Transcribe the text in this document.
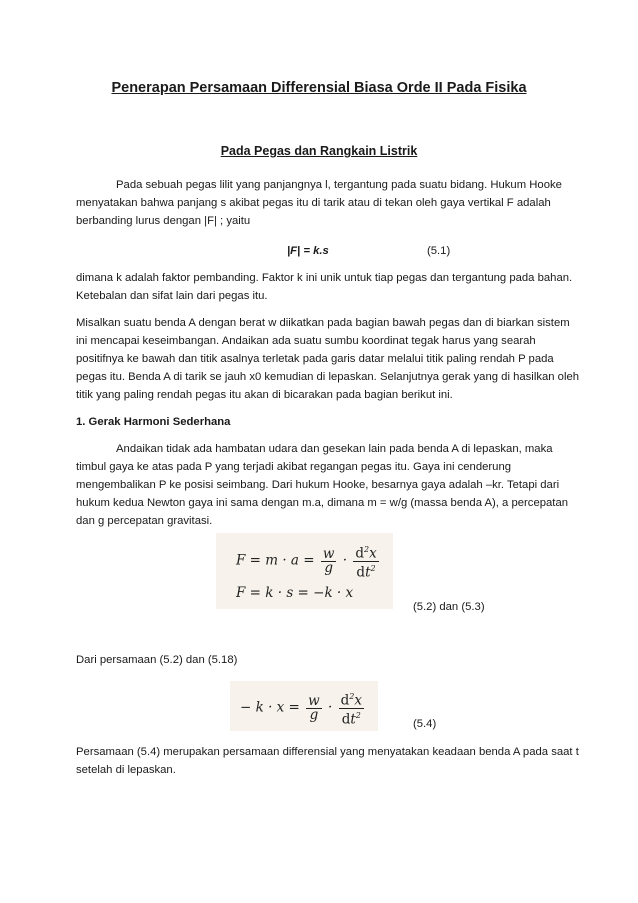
Penerapan Persamaan Differensial Biasa Orde II Pada Fisika
Pada Pegas dan Rangkain Listrik
Pada sebuah pegas lilit yang panjangnya l, tergantung pada suatu bidang. Hukum Hooke
menyatakan bahwa panjang s akibat pegas itu di tarik atau di tekan oleh gaya vertikal F adalah
berbanding lurus dengan |F| ; yaitu
|F| = k.s	(5.1)
dimana k adalah faktor pembanding. Faktor k ini unik untuk tiap pegas dan tergantung pada bahan.
Ketebalan dan sifat lain dari pegas itu.
Misalkan suatu benda A dengan berat w diikatkan pada bagian bawah pegas dan di biarkan sistem
ini mencapai keseimbangan. Andaikan ada suatu sumbu koordinat tegak harus yang searah
positifnya ke bawah dan titik asalnya terletak pada garis datar melalui titik paling rendah P pada
pegas itu. Benda A di tarik se jauh x0 kemudian di lepaskan. Selanjutnya gerak yang di hasilkan oleh
titik yang paling rendah pegas itu akan di bicarakan pada bagian berikut ini.
1. Gerak Harmoni Sederhana
Andaikan tidak ada hambatan udara dan gesekan lain pada benda A di lepaskan, maka
timbul gaya ke atas pada P yang terjadi akibat regangan pegas itu. Gaya ini cenderung
mengembalikan P ke posisi seimbang. Dari hukum Hooke, besarnya gaya adalah –kr. Tetapi dari
hukum kedua Newton gaya ini sama dengan m.a, dimana m = w/g (massa benda A), a percepatan
dan g percepatan gravitasi.
$F = m \cdot a = \frac{w}{g} \cdot \frac{d^2x}{dt^2}$
F = k · s = −k · x
(5.2) dan (5.3)
Dari persamaan (5.2) dan (5.18)
− $k \cdot x = \frac{w}{g} \cdot \frac{d^2x}{dt^2}$	(5.4)
Persamaan (5.4) merupakan persamaan differensial yang menyatakan keadaan benda A pada saat t
setelah di lepaskan.
